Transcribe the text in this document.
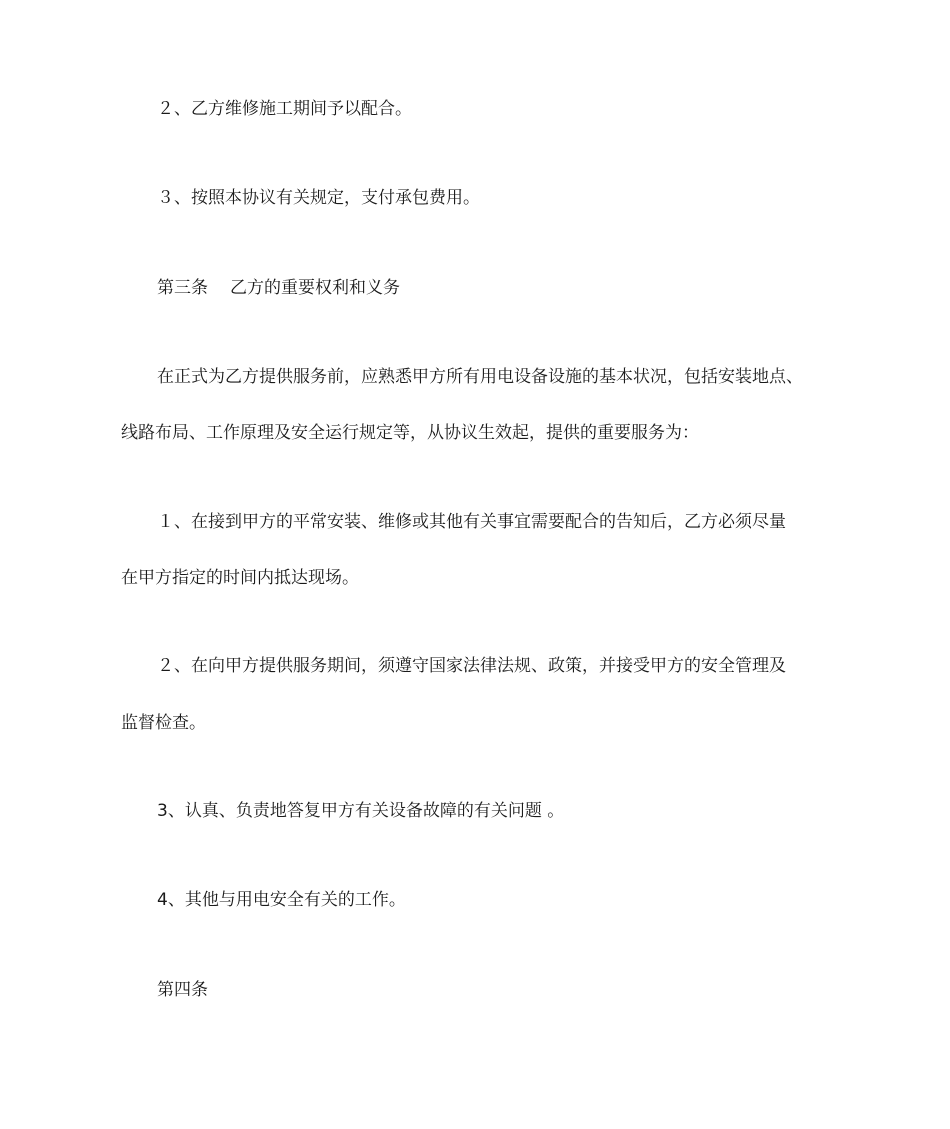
２、乙方维修施工期间予以配合。
３、按照本协议有关规定，支付承包费用。
第三条 乙方的重要权利和义务
在正式为乙方提供服务前，应熟悉甲方所有用电设备设施的基本状况，包括安装地点、
线路布局、工作原理及安全运行规定等，从协议生效起，提供的重要服务为：
１、在接到甲方的平常安装、维修或其他有关事宜需要配合的告知后，乙方必须尽量
在甲方指定的时间内抵达现场。
２、在向甲方提供服务期间，须遵守国家法律法规、政策，并接受甲方的安全管理及
监督检查。
3、认真、负责地答复甲方有关设备故障的有关问题 。
4、其他与用电安全有关的工作。
第四条
